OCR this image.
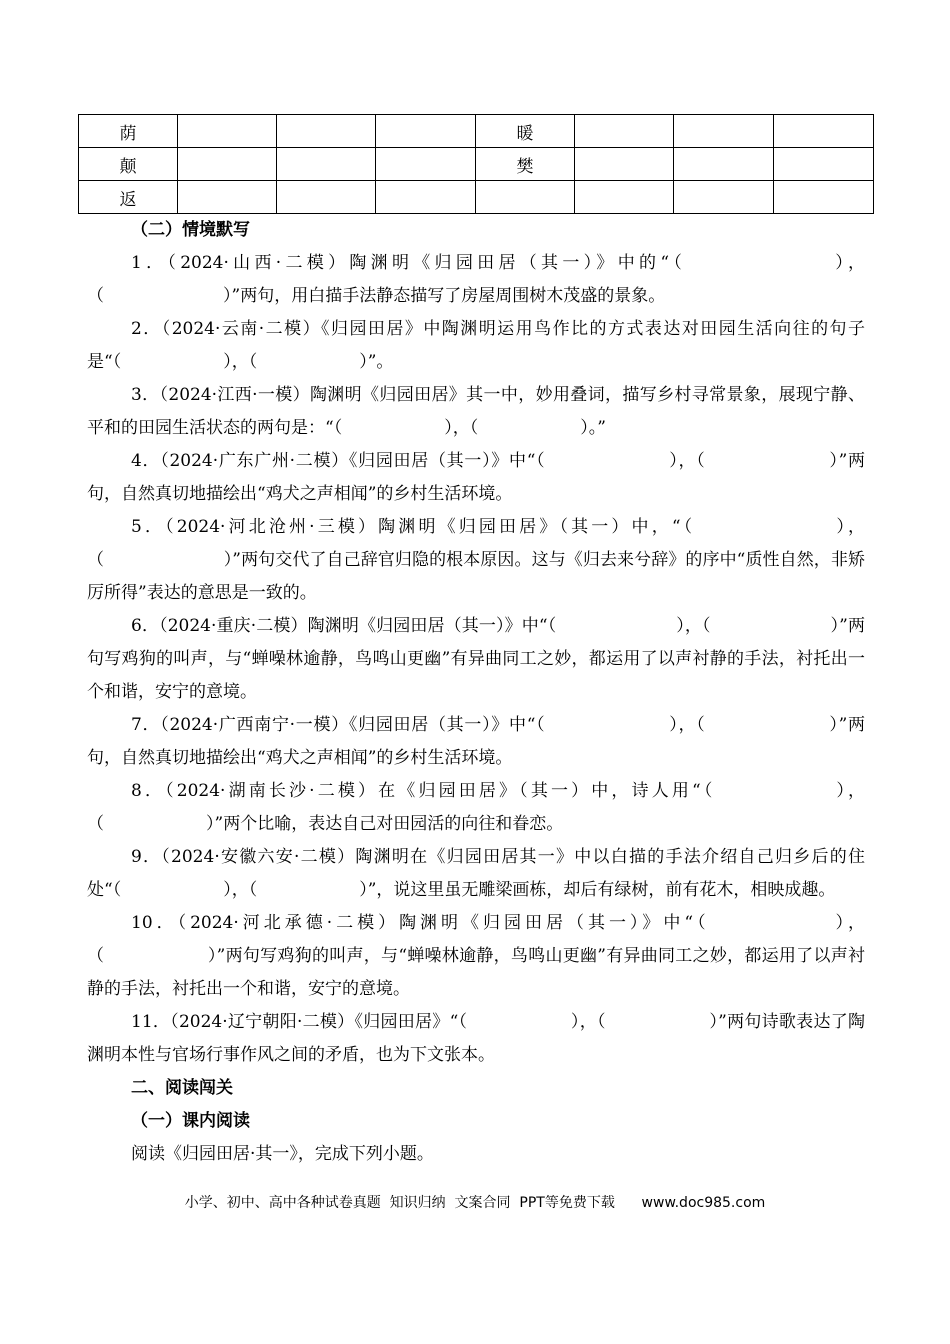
荫				暖			
颠				樊			
返							
（二）情境默写
1．（2024·山西·二模）陶渊明《归园田居（其一）》中的“（　　　　　　　），（　　　　　　　）”两句，用白描手法静态描写了房屋周围树木茂盛的景象。
2．（2024·云南·二模）《归园田居》中陶渊明运用鸟作比的方式表达对田园生活向往的句子是“（　　　　　　），（　　　　　　）”。
3．（2024·江西·一模）陶渊明《归园田居》其一中，妙用叠词，描写乡村寻常景象，展现宁静、平和的田园生活状态的两句是：“（　　　　　　），（　　　　　　）。”
4．（2024·广东广州·二模）《归园田居（其一）》中“（　　　　　　　），（　　　　　　　）”两句，自然真切地描绘出“鸡犬之声相闻”的乡村生活环境。
5．（2024·河北沧州·三模）陶渊明《归园田居》（其一）中，“（　　　　　　　），（　　　　　　　）”两句交代了自己辞官归隐的根本原因。这与《归去来兮辞》的序中“质性自然，非矫厉所得”表达的意思是一致的。
6．（2024·重庆·二模）陶渊明《归园田居（其一）》中“（　　　　　　　），（　　　　　　　）”两句写鸡狗的叫声，与“蝉噪林逾静，鸟鸣山更幽”有异曲同工之妙，都运用了以声衬静的手法，衬托出一个和谐，安宁的意境。
7．（2024·广西南宁·一模）《归园田居（其一）》中“（　　　　　　　），（　　　　　　　）”两句，自然真切地描绘出“鸡犬之声相闻”的乡村生活环境。
8．（2024·湖南长沙·二模）在《归园田居》（其一）中，诗人用“（　　　　　　），（　　　　　　）”两个比喻，表达自己对田园活的向往和眷恋。
9．（2024·安徽六安·二模）陶渊明在《归园田居其一》中以白描的手法介绍自己归乡后的住处“（　　　　　　），（　　　　　　）”，说这里虽无雕梁画栋，却后有绿树，前有花木，相映成趣。
10．（2024·河北承德·二模）陶渊明《归园田居（其一）》中“（　　　　　　），（　　　　　　）”两句写鸡狗的叫声，与“蝉噪林逾静，鸟鸣山更幽”有异曲同工之妙，都运用了以声衬静的手法，衬托出一个和谐，安宁的意境。
11．（2024·辽宁朝阳·二模）《归园田居》“（　　　　　　），（　　　　　　）”两句诗歌表达了陶渊明本性与官场行事作风之间的矛盾，也为下文张本。
二、阅读闯关
（一）课内阅读
阅读《归园田居·其一》，完成下列小题。
小学、初中、高中各种试卷真题  知识归纳  文案合同  PPT等免费下载      www.doc985.com
